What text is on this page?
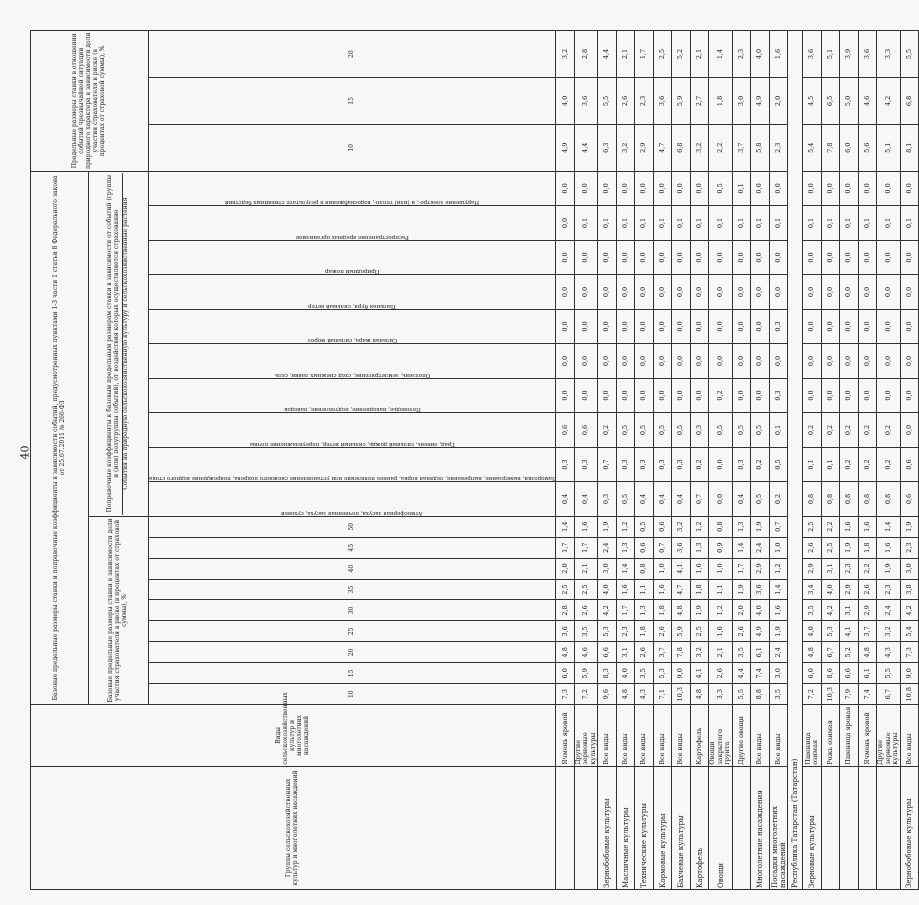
40
Группы сельскохозяйственных культур и многолетних насаждений	Виды сельскохозяйственных культур и многолетних насаждений	Базовые предельные размеры ставки и поправочные коэффициенты в зависимости событий, предусмотренных пунктами 1-3 части 1 статьи 8 Федерального закона от 25.07.2011 № 260-ФЗ																			Предельные размеры ставки в отношении событий чрезвычайной ситуации природного характера в зависимости доли участия страхователя в риске (в процентах от страховой суммы), %		
		Базовые предельные размеры ставки в зависимости доли участия страхователя в риске (в процентах от страховой суммы), %									Поправочные коэффициенты к базовым предельным размерам ставки в зависимости от событий (группы и (или) полугруппы событий), от воздействия которых осуществляется страхование События на природную сельскохозяйственную культуру и сельскохозяйственные растения												

		10	15	20	25	30	35	40	45	50	Атмосферная засуха, почвенная засуха, суховей	Заморозки, вымерзание, выпревание, ледяная корка, раннее появление или установление снежного покрова, повреждение водного стока	Град, ливень, сильный дождь, сильный ветер, переувлажнение почвы	Половодье, наводнение, подтопление, паводок	Оползень, землетрясение, сход снежных лавин, сель	Сильная жара, сильный мороз	Пыльная буря, сильный ветер	Природный пожар	Распространение вредных организмов	Нарушение электро-, и (или) тепло-, водоснабжения в результате стихийных бедствий	10	15	20
	Ячмень яровой	7,3	6,0	4,8	3,6	2,8	2,5	2,0	1,7	1,4	0,4	0,3	0,6	0,0	0,0	0,0	0,0	0,0	0,0	0,0	4,9	4,0	3,2
	Другие зерновые культуры	7,2	5,9	4,6	3,5	2,6	2,5	2,1	1,7	1,6	0,4	0,3	0,6	0,0	0,0	0,0	0,0	0,0	0,1	0,0	4,4	3,6	2,8
Зернобобовые культуры	Все виды	9,6	8,3	6,6	5,3	4,2	4,0	3,0	2,4	1,9	0,3	0,7	0,2	0,0	0,0	0,0	0,0	0,0	0,1	0,0	6,3	5,5	4,4
Масличные культуры	Все виды	4,8	4,0	3,1	2,3	1,7	1,6	1,4	1,3	1,2	0,5	0,3	0,5	0,0	0,0	0,0	0,0	0,0	0,1	0,0	3,2	2,6	2,1
Технические культуры	Все виды	4,3	3,5	2,6	1,8	1,3	1,1	0,8	0,6	0,5	0,4	0,3	0,5	0,0	0,0	0,0	0,0	0,0	0,1	0,0	2,9	2,3	1,7
Кормовые культуры	Все виды	7,1	5,3	3,7	2,6	1,8	1,6	1,0	0,7	0,6	0,4	0,3	0,5	0,0	0,0	0,0	0,0	0,0	0,1	0,0	4,7	3,6	2,5
Бахчевые культуры	Все виды	10,3	9,0	7,8	5,9	4,8	4,7	4,1	3,6	3,2	0,4	0,3	0,5	0,0	0,0	0,0	0,0	0,0	0,1	0,0	6,8	5,9	5,2
Картофель	Картофель	4,8	4,1	3,2	2,5	1,9	1,8	1,6	1,3	1,2	0,7	0,2	0,3	0,0	0,0	0,0	0,0	0,0	0,1	0,0	3,2	2,7	2,1
Овощи	Овощи закрытого грунта	3,3	2,6	2,1	1,6	1,2	1,1	1,0	0,9	0,8	0,0	0,0	0,5	0,2	0,0	0,0	0,0	0,0	0,1	0,5	2,2	1,8	1,4
	Другие овощи	5,5	4,4	3,5	2,6	2,0	1,9	1,7	1,4	1,3	0,4	0,3	0,5	0,0	0,0	0,0	0,0	0,0	0,1	0,1	3,7	3,0	2,3
Многолетние насаждения	Все виды	8,8	7,4	6,1	4,9	4,0	3,6	2,9	2,4	1,9	0,5	0,2	0,5	0,0	0,0	0,0	0,0	0,0	0,1	0,0	5,8	4,9	4,0
Посадки многолетних насаждений	Все виды	3,5	3,0	2,4	1,9	1,6	1,4	1,2	1,0	0,7	0,2	0,5	0,1	0,3	0,0	0,3	0,0	0,0	0,1	0,0	2,3	2,0	1,6
Республика Татарстан (Татарстан)																							
Зерновые культуры	Пшеница озимая	7,2	6,0	4,8	4,0	3,5	3,4	2,9	2,6	2,5	0,8	0,1	0,2	0,0	0,0	0,0	0,0	0,0	0,1	0,0	5,4	4,5	3,6
	Рожь озимая	10,3	8,6	6,7	5,3	4,2	4,0	3,1	2,5	2,2	0,8	0,1	0,2	0,0	0,0	0,0	0,0	0,0	0,1	0,0	7,8	6,5	5,1
	Пшеница яровая	7,9	6,6	5,2	4,1	3,1	2,9	2,3	1,9	1,6	0,8	0,2	0,2	0,0	0,0	0,0	0,0	0,0	0,1	0,0	6,0	5,0	3,9
	Ячмень яровой	7,4	6,1	4,8	3,7	2,9	2,6	2,2	1,8	1,6	0,8	0,2	0,2	0,0	0,0	0,0	0,0	0,0	0,1	0,0	5,6	4,6	3,6
	Другие зерновые культуры	6,7	5,5	4,3	3,2	2,4	2,3	1,9	1,6	1,4	0,8	0,2	0,2	0,0	0,0	0,0	0,0	0,0	0,1	0,0	5,1	4,2	3,3
Зернобобовые культуры	Все виды	10,8	9,0	7,3	5,4	4,2	3,8	3,0	2,3	1,9	0,6	0,6	0,0	0,0	0,0	0,0	0,0	0,0	0,1	0,0	8,1	6,8	5,5
